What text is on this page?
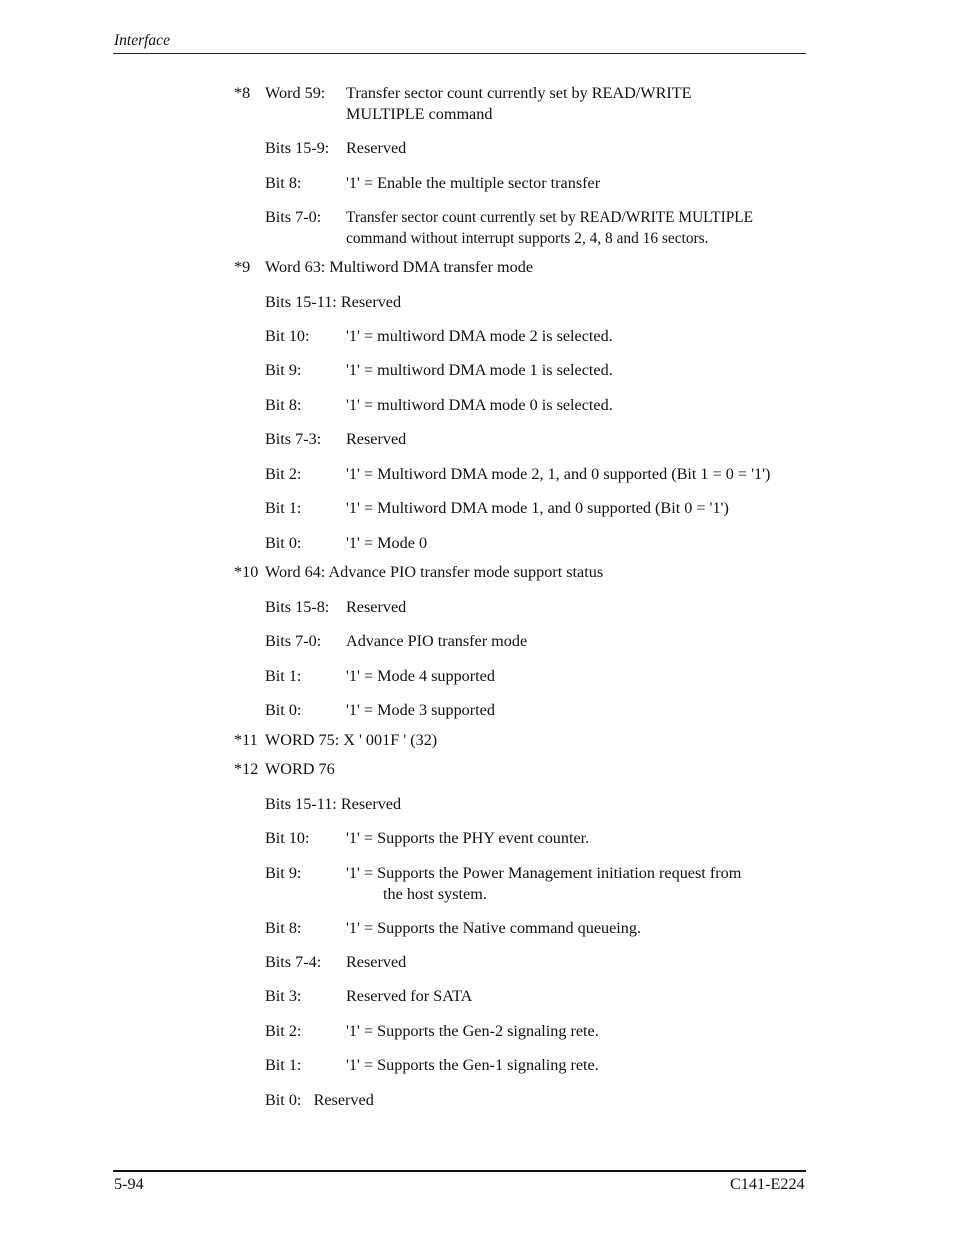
Interface
*8 Word 59: Transfer sector count currently set by READ/WRITE
MULTIPLE command
Bits 15-9: Reserved
Bit 8:	'1' = Enable the multiple sector transfer
Bits 7-0: Transfer sector count currently set by READ/WRITE MULTIPLE
command without interrupt supports 2, 4, 8 and 16 sectors.
*9 Word 63: Multiword DMA transfer mode
Bits 15-11: Reserved
Bit 10: '1' = multiword DMA mode 2 is selected.
Bit 9:	'1' = multiword DMA mode 1 is selected.
Bit 8:	'1' = multiword DMA mode 0 is selected.
Bits 7-3: Reserved
Bit 2:	'1' = Multiword DMA mode 2, 1, and 0 supported (Bit 1 = 0 = '1')
Bit 1:	'1' = Multiword DMA mode 1, and 0 supported (Bit 0 = '1')
Bit 0:	'1' = Mode 0
*10 Word 64: Advance PIO transfer mode support status
Bits 15-8: Reserved
Bits 7-0: Advance PIO transfer mode
Bit 1:	'1' = Mode 4 supported
Bit 0:	'1' = Mode 3 supported
*11 WORD 75: X ' 001F ' (32)
*12 WORD 76
Bits 15-11: Reserved
Bit 10: '1' = Supports the PHY event counter.
Bit 9:	'1' = Supports the Power Management initiation request from
the host system.
Bit 8:	'1' = Supports the Native command queueing.
Bits 7-4: Reserved
Bit 3:	Reserved for SATA
Bit 2:	'1' = Supports the Gen-2 signaling rete.
Bit 1:	'1' = Supports the Gen-1 signaling rete.
Bit 0:   Reserved
5-94	C141-E224
